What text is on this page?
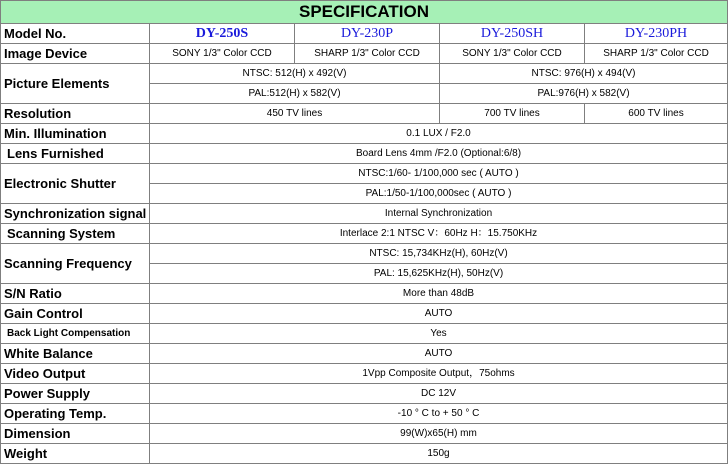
SPECIFICATION				
Model No.	DY-250S	DY-230P	DY-250SH	DY-230PH
Image Device	SONY 1/3" Color CCD	SHARP 1/3" Color CCD	SONY 1/3" Color CCD	SHARP 1/3" Color CCD
Picture Elements	NTSC: 512(H) x 492(V)		NTSC: 976(H) x 494(V)	
	PAL:512(H) x 582(V)		PAL:976(H) x 582(V)	
Resolution	450 TV lines		700 TV lines	600 TV lines
Min. Illumination	0.1 LUX / F2.0			
Lens Furnished	Board Lens 4mm /F2.0 (Optional:6/8)			
Electronic Shutter	NTSC:1/60- 1/100,000 sec ( AUTO )			
	PAL:1/50-1/100,000sec ( AUTO )			
Synchronization signal	Internal Synchronization			
Scanning System	Interlace 2:1 NTSC V：60Hz H：15.750KHz			
Scanning Frequency	NTSC: 15,734KHz(H), 60Hz(V)			
	PAL: 15,625KHz(H), 50Hz(V)			
S/N Ratio	More than 48dB			
Gain Control	AUTO			
Back Light Compensation	Yes			
White Balance	AUTO			
Video Output	1Vpp Composite Output，75ohms			
Power Supply	DC 12V			
Operating Temp.	-10 ° C to + 50 ° C			
Dimension	99(W)x65(H) mm			
Weight	150g			
